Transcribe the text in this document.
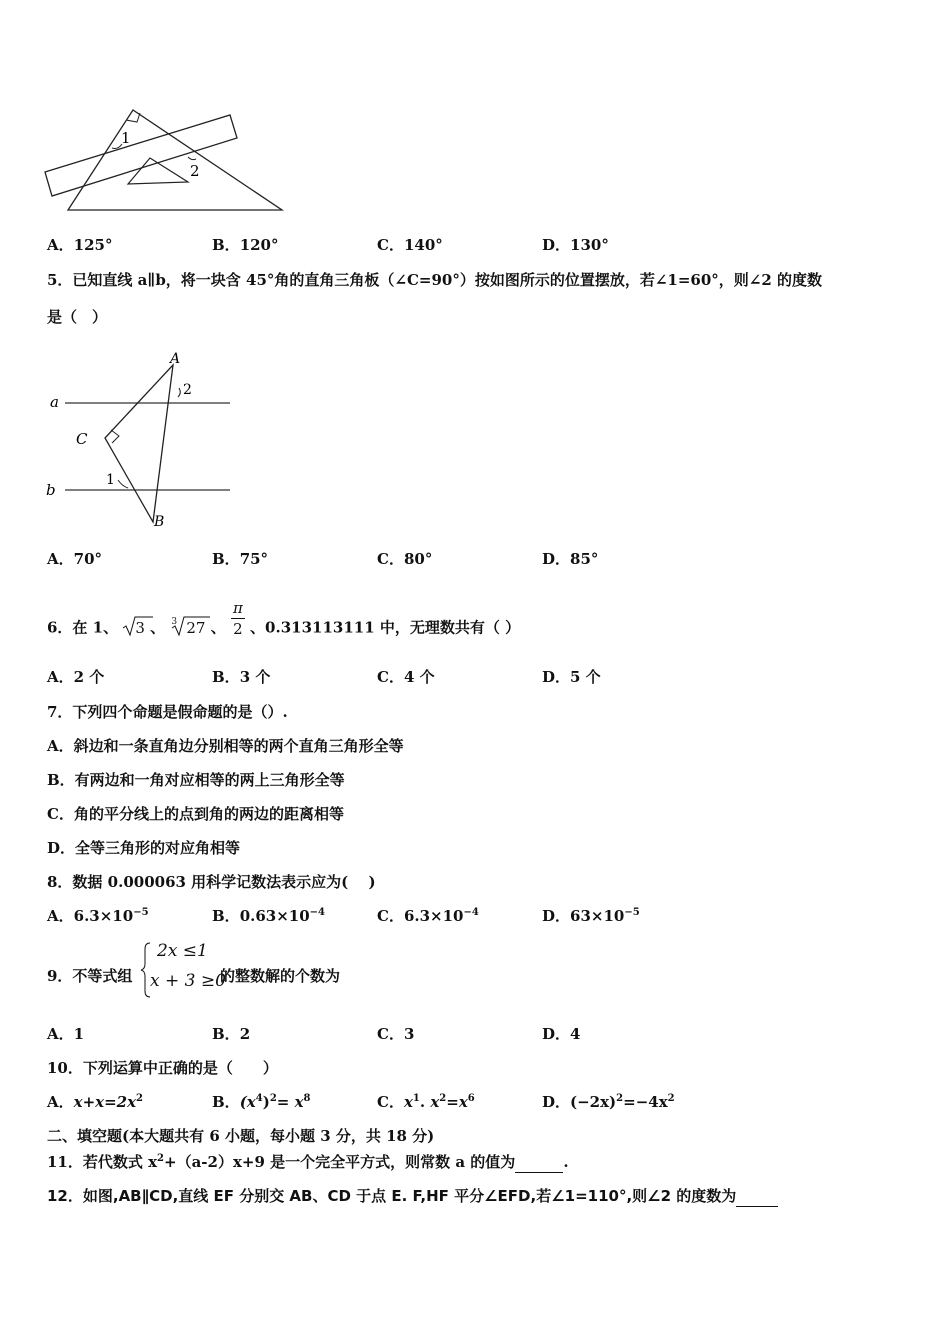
1
2
A．125°	B．120°	C．140°	D．130°
5．已知直线 a∥b，将一块含 45°角的直角三角板（∠C=90°）按如图所示的位置摆放，若∠1=60°，则∠2 的度数
是（　）
a
b
A
B
C
1
2
A．70°	B．75°	C．80°	D．85°
6．在 1、 3 、 3 27 、 $\frac{\pi}{2}$ 、0.313113111 中，无理数共有（ ）
A．2 个	B．3 个	C．4 个	D．5 个
7．下列四个命题是假命题的是（）.
A．斜边和一条直角边分别相等的两个直角三角形全等
B．有两边和一角对应相等的两上三角形全等
C．角的平分线上的点到角的两边的距离相等
D．全等三角形的对应角相等
8．数据 0.000063 用科学记数法表示应为(　 )
A．$6.3\times 10^{-5}$	B．$0.63\times 10^{-4}$	C．$6.3\times 10^{-4}$	D．$63\times 10^{-5}$
9．不等式组
2x ≤1
x + 3 ≥0
的整数解的个数为
A．1	B．2	C．3	D．4
10．下列运算中正确的是（　　）
A．$x+x=2x^2$	B．$(x^4)^2= x^8$	C．$x^1$. $x^2=x^6$	D．$(-2x)^2=-4x^2$
二、填空题(本大题共有 6 小题，每小题 3 分，共 18 分)
11．若代数式 $x^2+(a-2)x+9$ 是一个完全平方式，则常数 a 的值为	.
12．如图,AB∥CD,直线 EF 分别交 AB、CD 于点 E. F,HF 平分∠EFD,若∠1=110°,则∠2 的度数为
